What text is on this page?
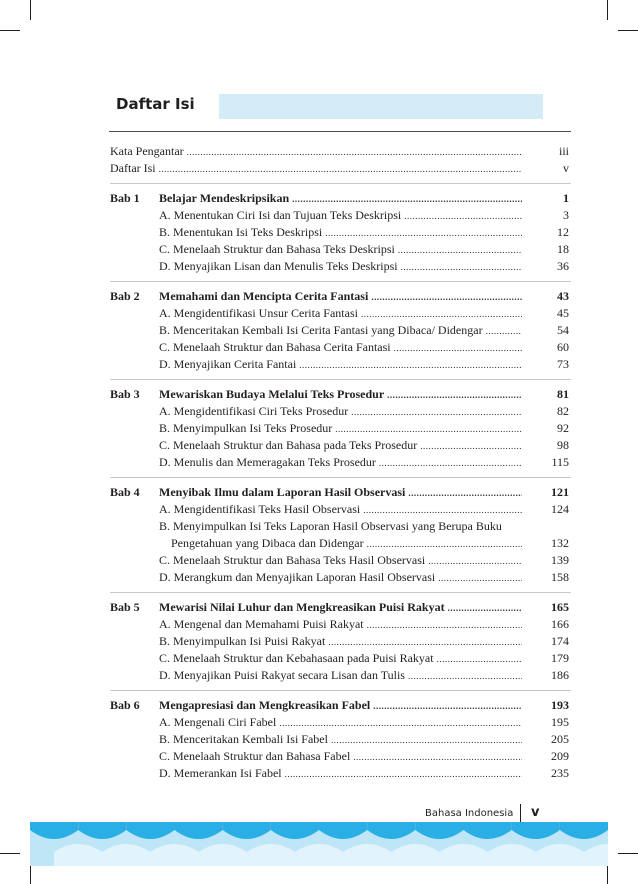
Daftar Isi
Kata Pengantar .....	iii
Daftar Isi .....	v
Bab 1 Belajar Mendeskripsikan .....	1
A. Menentukan Ciri Isi dan Tujuan Teks Deskripsi .....	3
B. Menentukan Isi Teks Deskripsi .....	12
C. Menelaah Struktur dan Bahasa Teks Deskripsi .....	18
D. Menyajikan Lisan dan Menulis Teks Deskripsi .....	36
Bab 2 Memahami dan Mencipta Cerita Fantasi .....	43
A. Mengidentifikasi Unsur Cerita Fantasi .....	45
B. Menceritakan Kembali Isi Cerita Fantasi yang Dibaca/ Didengar .....	54
C. Menelaah Struktur dan Bahasa Cerita Fantasi .....	60
D. Menyajikan Cerita Fantai .....	73
Bab 3 Mewariskan Budaya Melalui Teks Prosedur .....	81
A. Mengidentifikasi Ciri Teks Prosedur .....	82
B. Menyimpulkan Isi Teks Prosedur .....	92
C. Menelaah Struktur dan Bahasa pada Teks Prosedur .....	98
D. Menulis dan Memeragakan Teks Prosedur .....	115
Bab 4 Menyibak Ilmu dalam Laporan Hasil Observasi .....	121
A. Mengidentifikasi Teks Hasil Observasi .....	124
B. Menyimpulkan Isi Teks Laporan Hasil Observasi yang Berupa Buku
Pengetahuan yang Dibaca dan Didengar .....	132
C. Menelaah Struktur dan Bahasa Teks Hasil Observasi .....	139
D. Merangkum dan Menyajikan Laporan Hasil Observasi .....	158
Bab 5 Mewarisi Nilai Luhur dan Mengkreasikan Puisi Rakyat .....	165
A. Mengenal dan Memahami Puisi Rakyat .....	166
B. Menyimpulkan Isi Puisi Rakyat .....	174
C. Menelaah Struktur dan Kebahasaan pada Puisi Rakyat .....	179
D. Menyajikan Puisi Rakyat secara Lisan dan Tulis .....	186
Bab 6 Mengapresiasi dan Mengkreasikan Fabel .....	193
A. Mengenali Ciri Fabel .....	195
B. Menceritakan Kembali Isi Fabel .....	205
C. Menelaah Struktur dan Bahasa Fabel .....	209
D. Memerankan Isi Fabel .....	235
Bahasa Indonesia v
